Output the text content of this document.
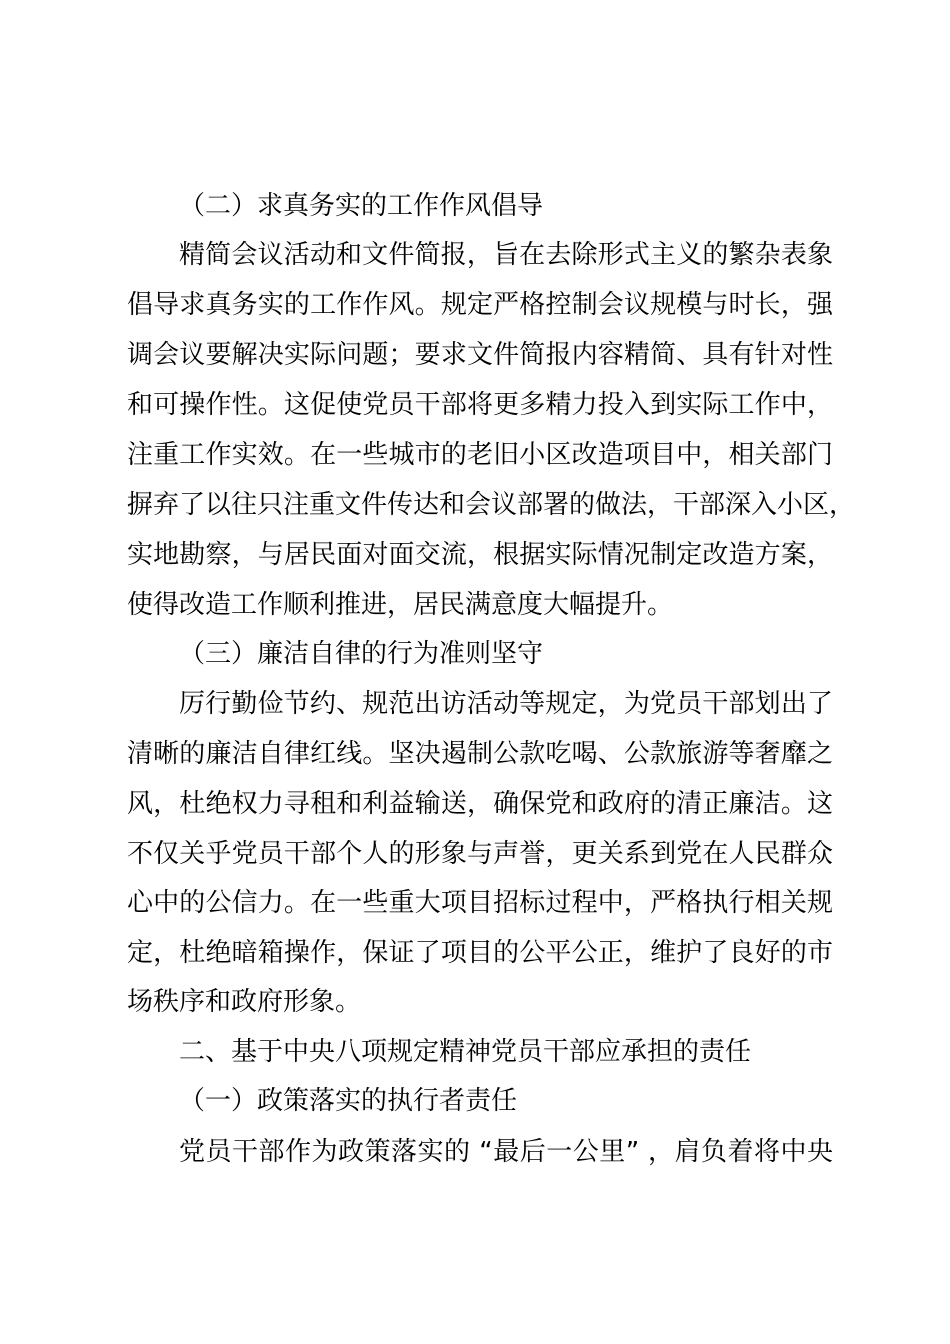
（二）求真务实的工作作风倡导
精简会议活动和文件简报，旨在去除形式主义的繁杂表象
倡导求真务实的工作作风。规定严格控制会议规模与时长，强
调会议要解决实际问题；要求文件简报内容精简、具有针对性
和可操作性。这促使党员干部将更多精力投入到实际工作中，
注重工作实效。在一些城市的老旧小区改造项目中，相关部门
摒弃了以往只注重文件传达和会议部署的做法，干部深入小区，
实地勘察，与居民面对面交流，根据实际情况制定改造方案，
使得改造工作顺利推进，居民满意度大幅提升。
（三）廉洁自律的行为准则坚守
厉行勤俭节约、规范出访活动等规定，为党员干部划出了
清晰的廉洁自律红线。坚决遏制公款吃喝、公款旅游等奢靡之
风，杜绝权力寻租和利益输送，确保党和政府的清正廉洁。这
不仅关乎党员干部个人的形象与声誉，更关系到党在人民群众
心中的公信力。在一些重大项目招标过程中，严格执行相关规
定，杜绝暗箱操作，保证了项目的公平公正，维护了良好的市
场秩序和政府形象。
二、基于中央八项规定精神党员干部应承担的责任
（一）政策落实的执行者责任
党员干部作为政策落实的 “最后一公里” ，肩负着将中央
